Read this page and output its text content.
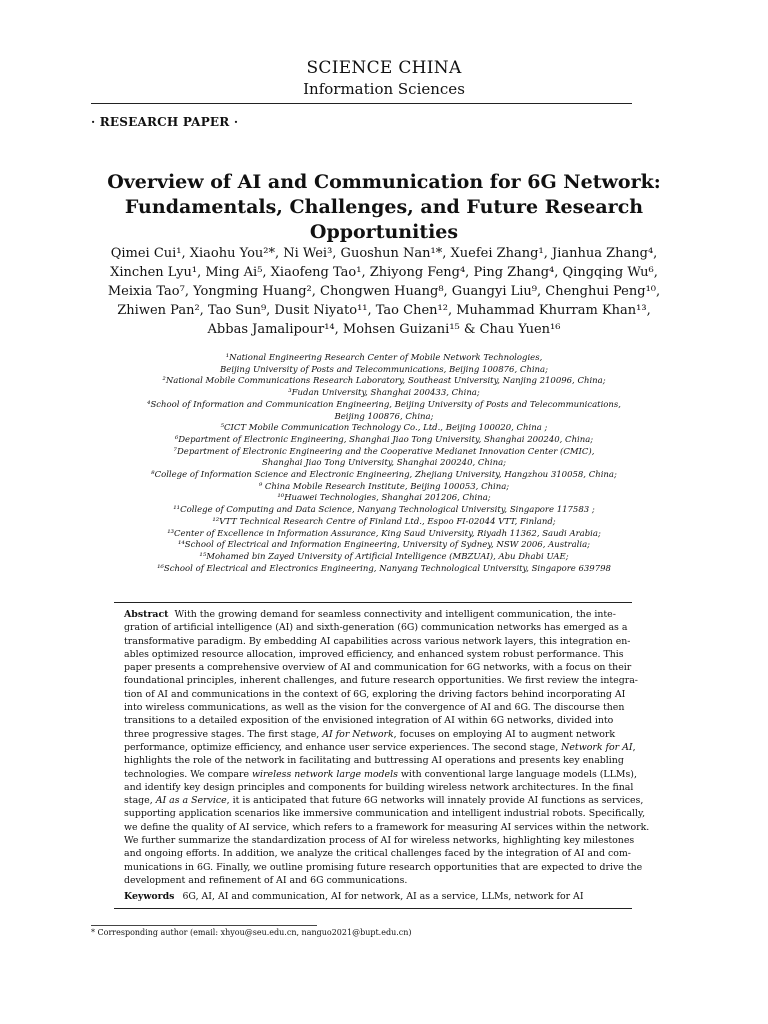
SCIENCE CHINA
Information Sciences
· RESEARCH PAPER ·
Overview of AI and Communication for 6G Network:
Fundamentals, Challenges, and Future Research
Opportunities
Qimei Cui¹, Xiaohu You²*, Ni Wei³, Guoshun Nan¹*, Xuefei Zhang¹, Jianhua Zhang⁴,
Xinchen Lyu¹, Ming Ai⁵, Xiaofeng Tao¹, Zhiyong Feng⁴, Ping Zhang⁴, Qingqing Wu⁶,
Meixia Tao⁷, Yongming Huang², Chongwen Huang⁸, Guangyi Liu⁹, Chenghui Peng¹⁰,
Zhiwen Pan², Tao Sun⁹, Dusit Niyato¹¹, Tao Chen¹², Muhammad Khurram Khan¹³,
Abbas Jamalipour¹⁴, Mohsen Guizani¹⁵ & Chau Yuen¹⁶
¹National Engineering Research Center of Mobile Network Technologies,
Beijing University of Posts and Telecommunications, Beijing 100876, China;
²National Mobile Communications Research Laboratory, Southeast University, Nanjing 210096, China;
³Fudan University, Shanghai 200433, China;
⁴School of Information and Communication Engineering, Beijing University of Posts and Telecommunications,
Beijing 100876, China;
⁵CICT Mobile Communication Technology Co., Ltd., Beijing 100020, China ;
⁶Department of Electronic Engineering, Shanghai Jiao Tong University, Shanghai 200240, China;
⁷Department of Electronic Engineering and the Cooperative Medianet Innovation Center (CMIC),
Shanghai Jiao Tong University, Shanghai 200240, China;
⁸College of Information Science and Electronic Engineering, Zhejiang University, Hangzhou 310058, China;
⁹ China Mobile Research Institute, Beijing 100053, China;
¹⁰Huawei Technologies, Shanghai 201206, China;
¹¹College of Computing and Data Science, Nanyang Technological University, Singapore 117583 ;
¹²VTT Technical Research Centre of Finland Ltd., Espoo FI-02044 VTT, Finland;
¹³Center of Excellence in Information Assurance, King Saud University, Riyadh 11362, Saudi Arabia;
¹⁴School of Electrical and Information Engineering, University of Sydney, NSW 2006, Australia;
¹⁵Mohamed bin Zayed University of Artificial Intelligence (MBZUAI), Abu Dhabi UAE;
¹⁶School of Electrical and Electronics Engineering, Nanyang Technological University, Singapore 639798
Abstract With the growing demand for seamless connectivity and intelligent communication, the inte-
gration of artificial intelligence (AI) and sixth-generation (6G) communication networks has emerged as a
transformative paradigm. By embedding AI capabilities across various network layers, this integration en-
ables optimized resource allocation, improved efficiency, and enhanced system robust performance. This
paper presents a comprehensive overview of AI and communication for 6G networks, with a focus on their
foundational principles, inherent challenges, and future research opportunities. We first review the integra-
tion of AI and communications in the context of 6G, exploring the driving factors behind incorporating AI
into wireless communications, as well as the vision for the convergence of AI and 6G. The discourse then
transitions to a detailed exposition of the envisioned integration of AI within 6G networks, divided into
three progressive stages. The first stage, AI for Network, focuses on employing AI to augment network
performance, optimize efficiency, and enhance user service experiences. The second stage, Network for AI,
highlights the role of the network in facilitating and buttressing AI operations and presents key enabling
technologies. We compare wireless network large models with conventional large language models (LLMs),
and identify key design principles and components for building wireless network architectures. In the final
stage, AI as a Service, it is anticipated that future 6G networks will innately provide AI functions as services,
supporting application scenarios like immersive communication and intelligent industrial robots. Specifically,
we define the quality of AI service, which refers to a framework for measuring AI services within the network.
We further summarize the standardization process of AI for wireless networks, highlighting key milestones
and ongoing efforts. In addition, we analyze the critical challenges faced by the integration of AI and com-
munications in 6G. Finally, we outline promising future research opportunities that are expected to drive the
development and refinement of AI and 6G communications.
Keywords 6G, AI, AI and communication, AI for network, AI as a service, LLMs, network for AI
* Corresponding author (email: xhyou@seu.edu.cn, nanguo2021@bupt.edu.cn)
